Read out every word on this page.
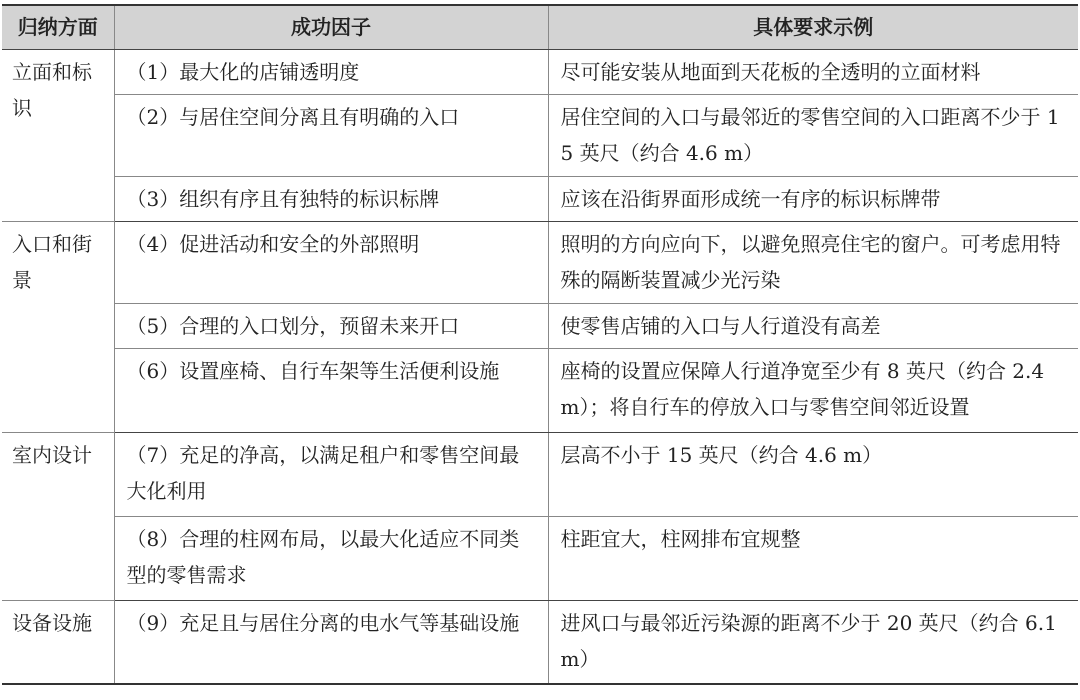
归纳方面	成功因子	具体要求示例
立面和标识	（1）最大化的店铺透明度	尽可能安装从地面到天花板的全透明的立面材料
	（2）与居住空间分离且有明确的入口	居住空间的入口与最邻近的零售空间的入口距离不少于 15 英尺（约合 4.6 m）
	（3）组织有序且有独特的标识标牌	应该在沿街界面形成统一有序的标识标牌带
入口和街景	（4）促进活动和安全的外部照明	照明的方向应向下，以避免照亮住宅的窗户。可考虑用特殊的隔断装置减少光污染
	（5）合理的入口划分，预留未来开口	使零售店铺的入口与人行道没有高差
	（6）设置座椅、自行车架等生活便利设施	座椅的设置应保障人行道净宽至少有 8 英尺（约合 2.4 m）；将自行车的停放入口与零售空间邻近设置
室内设计	（7）充足的净高，以满足租户和零售空间最大化利用	层高不小于 15 英尺（约合 4.6 m）
	（8）合理的柱网布局，以最大化适应不同类型的零售需求	柱距宜大，柱网排布宜规整
设备设施	（9）充足且与居住分离的电水气等基础设施	进风口与最邻近污染源的距离不少于 20 英尺（约合 6.1 m）
